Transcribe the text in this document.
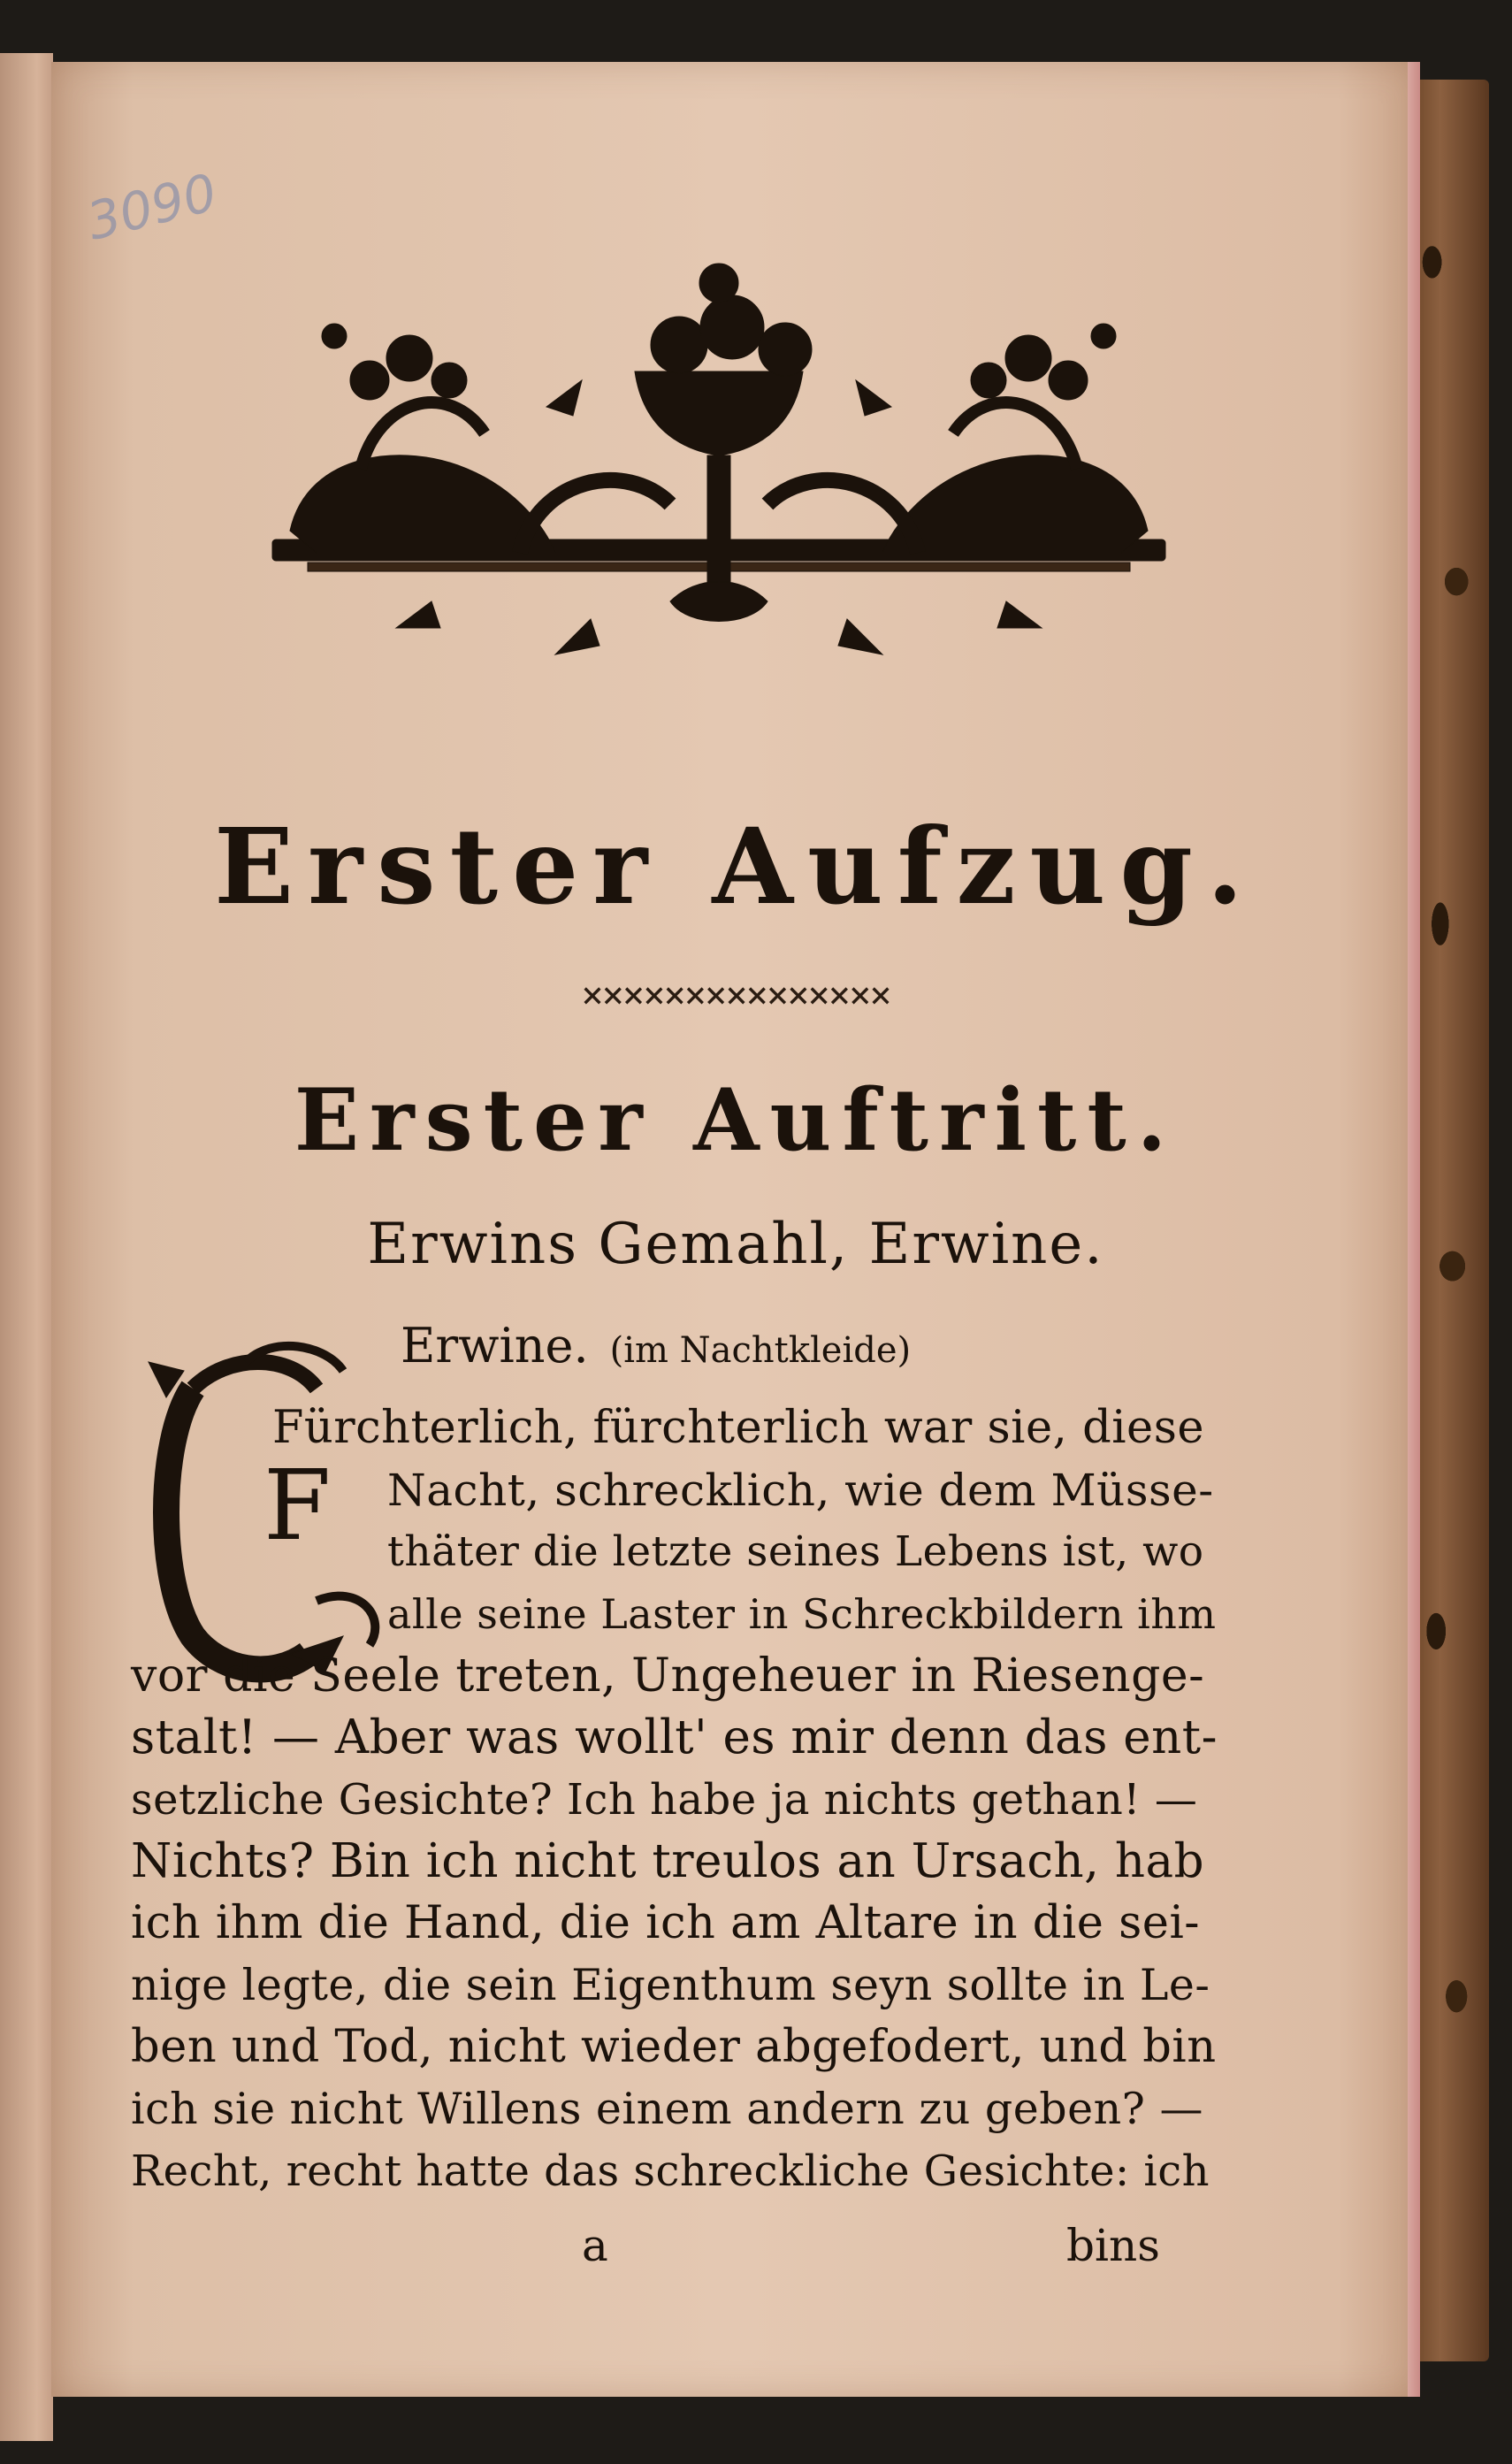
3090
Erster Aufzug.
×××××××××××××××
Erster Auftritt.
Erwins Gemahl, Erwine.
Erwine. (im Nachtkleide)
F
Fürchterlich, fürchterlich war sie, diese
Nacht, schrecklich, wie dem Müsse-
thäter die letzte seines Lebens ist, wo
alle seine Laster in Schreckbildern ihm
vor die Seele treten, Ungeheuer in Riesenge-
stalt! — Aber was wollt' es mir denn das ent-
setzliche Gesichte? Ich habe ja nichts gethan! —
Nichts? Bin ich nicht treulos an Ursach, hab
ich ihm die Hand, die ich am Altare in die sei-
nige legte, die sein Eigenthum seyn sollte in Le-
ben und Tod, nicht wieder abgefodert, und bin
ich sie nicht Willens einem andern zu geben? —
Recht, recht hatte das schreckliche Gesichte: ich
a	bins
